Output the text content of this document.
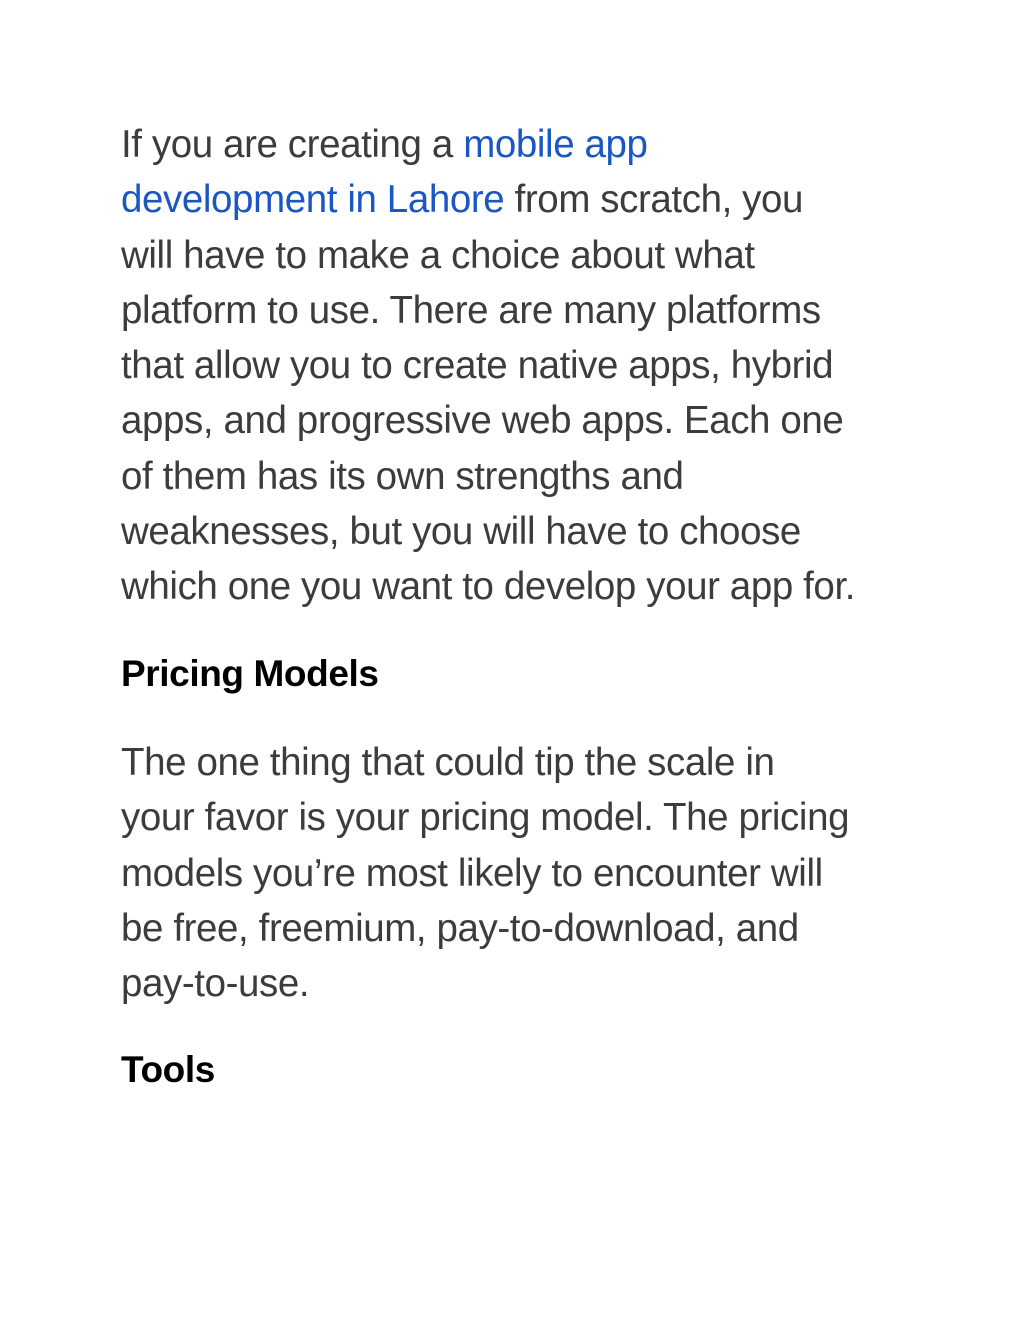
If you are creating a mobile app
development in Lahore from scratch, you
will have to make a choice about what
platform to use. There are many platforms
that allow you to create native apps, hybrid
apps, and progressive web apps. Each one
of them has its own strengths and
weaknesses, but you will have to choose
which one you want to develop your app for.

Pricing Models

The one thing that could tip the scale in
your favor is your pricing model. The pricing
models you’re most likely to encounter will
be free, freemium, pay-to-download, and
pay-to-use.

Tools
